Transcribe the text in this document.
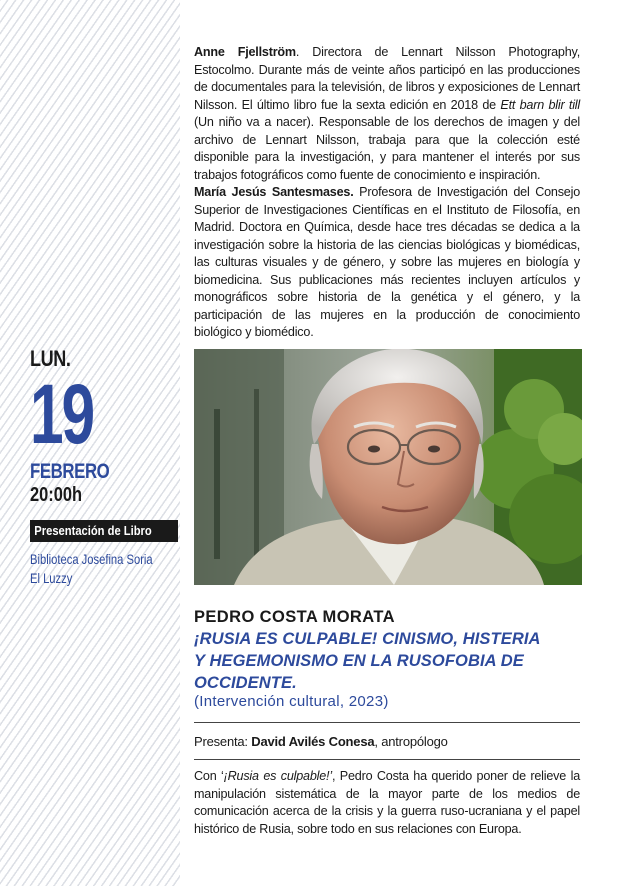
Anne Fjellström. Directora de Lennart Nilsson Photography, Estocolmo. Durante más de veinte años participó en las producciones de documentales para la televisión, de libros y exposiciones de Lennart Nilsson. El último libro fue la sexta edición en 2018 de Ett barn blir till (Un niño va a nacer). Responsable de los derechos de imagen y del archivo de Lennart Nilsson, trabaja para que la colección esté disponible para la investigación, y para mantener el interés por sus trabajos fotográficos como fuente de conocimiento e inspiración.

María Jesús Santesmases. Profesora de Investigación del Consejo Superior de Investigaciones Científicas en el Instituto de Filosofía, en Madrid. Doctora en Química, desde hace tres décadas se dedica a la investigación sobre la historia de las ciencias biológicas y biomédicas, las culturas visuales y de género, y sobre las mujeres en biología y biomedicina. Sus publicaciones más recientes incluyen artículos y monográficos sobre historia de la genética y el género, y la participación de las mujeres en la producción de conocimiento biológico y biomédico.

LUN.
19
FEBRERO
20:00h
Presentación de Libro
Biblioteca Josefina Soria
El Luzzy
PEDRO COSTA MORATA
¡RUSIA ES CULPABLE! CINISMO, HISTERIA
Y HEGEMONISMO EN LA RUSOFOBIA DE
OCCIDENTE.
(Intervención cultural, 2023)
Presenta: David Avilés Conesa, antropólogo

Con ‘¡Rusia es culpable!’, Pedro Costa ha querido poner de relieve la manipulación sistemática de la mayor parte de los medios de comunicación acerca de la crisis y la guerra ruso-ucraniana y el papel histórico de Rusia, sobre todo en sus relaciones con Europa.
